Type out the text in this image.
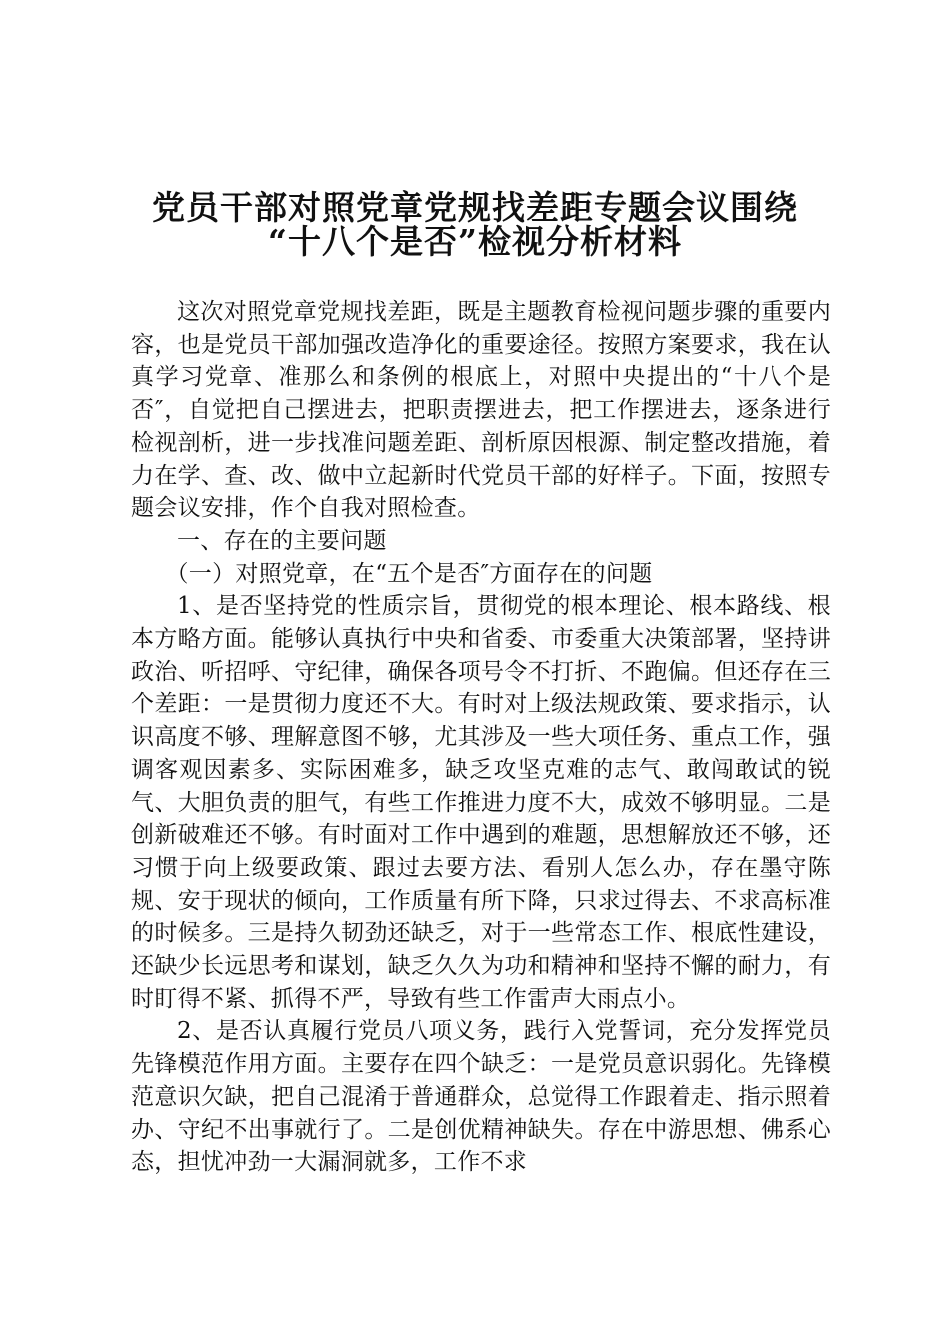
党员干部对照党章党规找差距专题会议围绕
“十八个是否”检视分析材料

这次对照党章党规找差距，既是主题教育检视问题步骤的重要内容，也是党员干部加强改造净化的重要途径。按照方案要求，我在认真学习党章、准那么和条例的根底上，对照中央提出的“十八个是否″，自觉把自己摆进去，把职责摆进去，把工作摆进去，逐条进行检视剖析，进一步找准问题差距、剖析原因根源、制定整改措施，着力在学、查、改、做中立起新时代党员干部的好样子。下面，按照专题会议安排，作个自我对照检查。

一、存在的主要问题

（一）对照党章，在“五个是否″方面存在的问题

1、是否坚持党的性质宗旨，贯彻党的根本理论、根本路线、根本方略方面。能够认真执行中央和省委、市委重大决策部署，坚持讲政治、听招呼、守纪律，确保各项号令不打折、不跑偏。但还存在三个差距：一是贯彻力度还不大。有时对上级法规政策、要求指示，认识高度不够、理解意图不够，尤其涉及一些大项任务、重点工作，强调客观因素多、实际困难多，缺乏攻坚克难的志气、敢闯敢试的锐气、大胆负责的胆气，有些工作推进力度不大，成效不够明显。二是创新破难还不够。有时面对工作中遇到的难题，思想解放还不够，还习惯于向上级要政策、跟过去要方法、看别人怎么办，存在墨守陈规、安于现状的倾向，工作质量有所下降，只求过得去、不求高标准的时候多。三是持久韧劲还缺乏，对于一些常态工作、根底性建设，还缺少长远思考和谋划，缺乏久久为功和精神和坚持不懈的耐力，有时盯得不紧、抓得不严，导致有些工作雷声大雨点小。

2、是否认真履行党员八项义务，践行入党誓词，充分发挥党员先锋模范作用方面。主要存在四个缺乏：一是党员意识弱化。先锋模范意识欠缺，把自己混淆于普通群众，总觉得工作跟着走、指示照着办、守纪不出事就行了。二是创优精神缺失。存在中游思想、佛系心态，担忧冲劲一大漏洞就多，工作不求
